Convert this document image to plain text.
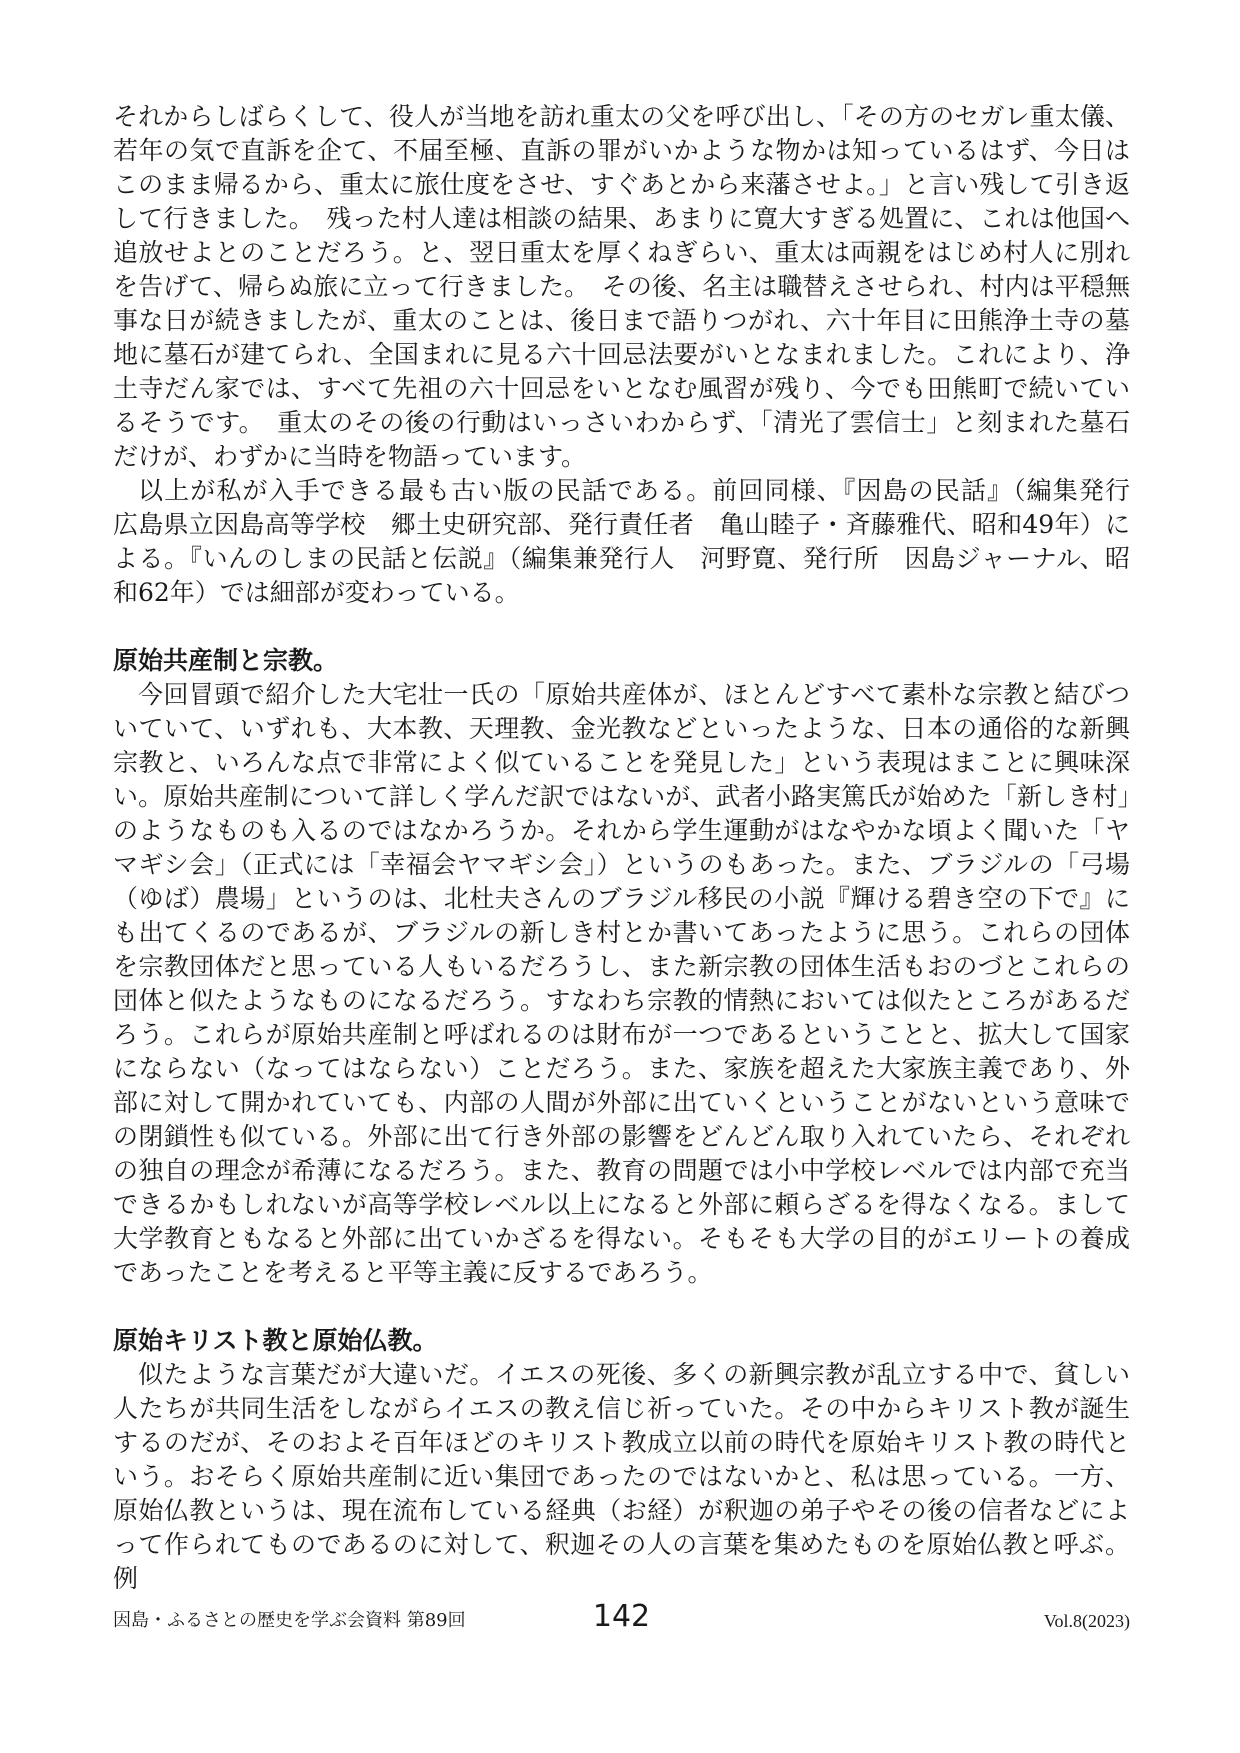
それからしばらくして、役人が当地を訪れ重太の父を呼び出し、「その方のセガレ重太儀、若年の気で直訴を企て、不届至極、直訴の罪がいかような物かは知っているはず、今日はこのまま帰るから、重太に旅仕度をさせ、すぐあとから来藩させよ。」と言い残して引き返して行きました。　残った村人達は相談の結果、あまりに寛大すぎる処置に、これは他国へ追放せよとのことだろう。と、翌日重太を厚くねぎらい、重太は両親をはじめ村人に別れを告げて、帰らぬ旅に立って行きました。　その後、名主は職替えさせられ、村内は平穏無事な日が続きましたが、重太のことは、後日まで語りつがれ、六十年目に田熊浄土寺の墓地に墓石が建てられ、全国まれに見る六十回忌法要がいとなまれました。これにより、浄土寺だん家では、すべて先祖の六十回忌をいとなむ風習が残り、今でも田熊町で続いているそうです。　重太のその後の行動はいっさいわからず、「清光了雲信士」と刻まれた墓石だけが、わずかに当時を物語っています。

以上が私が入手できる最も古い版の民話である。前回同様、『因島の民話』（編集発行　広島県立因島高等学校　郷土史研究部、発行責任者　亀山睦子・斉藤雅代、昭和49年）による。『いんのしまの民話と伝説』（編集兼発行人　河野寛、発行所　因島ジャーナル、昭和62年）では細部が変わっている。

原始共産制と宗教。

今回冒頭で紹介した大宅壮一氏の「原始共産体が、ほとんどすべて素朴な宗教と結びついていて、いずれも、大本教、天理教、金光教などといったような、日本の通俗的な新興宗教と、いろんな点で非常によく似ていることを発見した」という表現はまことに興味深い。原始共産制について詳しく学んだ訳ではないが、武者小路実篤氏が始めた「新しき村」のようなものも入るのではなかろうか。それから学生運動がはなやかな頃よく聞いた「ヤマギシ会」（正式には「幸福会ヤマギシ会」）というのもあった。また、ブラジルの「弓場（ゆば）農場」というのは、北杜夫さんのブラジル移民の小説『輝ける碧き空の下で』にも出てくるのであるが、ブラジルの新しき村とか書いてあったように思う。これらの団体を宗教団体だと思っている人もいるだろうし、また新宗教の団体生活もおのづとこれらの団体と似たようなものになるだろう。すなわち宗教的情熱においては似たところがあるだろう。これらが原始共産制と呼ばれるのは財布が一つであるということと、拡大して国家にならない（なってはならない）ことだろう。また、家族を超えた大家族主義であり、外部に対して開かれていても、内部の人間が外部に出ていくということがないという意味での閉鎖性も似ている。外部に出て行き外部の影響をどんどん取り入れていたら、それぞれの独自の理念が希薄になるだろう。また、教育の問題では小中学校レベルでは内部で充当できるかもしれないが高等学校レベル以上になると外部に頼らざるを得なくなる。まして大学教育ともなると外部に出ていかざるを得ない。そもそも大学の目的がエリートの養成であったことを考えると平等主義に反するであろう。

原始キリスト教と原始仏教。

似たような言葉だが大違いだ。イエスの死後、多くの新興宗教が乱立する中で、貧しい人たちが共同生活をしながらイエスの教え信じ祈っていた。その中からキリスト教が誕生するのだが、そのおよそ百年ほどのキリスト教成立以前の時代を原始キリスト教の時代という。おそらく原始共産制に近い集団であったのではないかと、私は思っている。一方、原始仏教というは、現在流布している経典（お経）が釈迦の弟子やその後の信者などによって作られてものであるのに対して、釈迦その人の言葉を集めたものを原始仏教と呼ぶ。例

因島・ふるさとの歴史を学ぶ会資料 第89回	142	Vol.8(2023)
